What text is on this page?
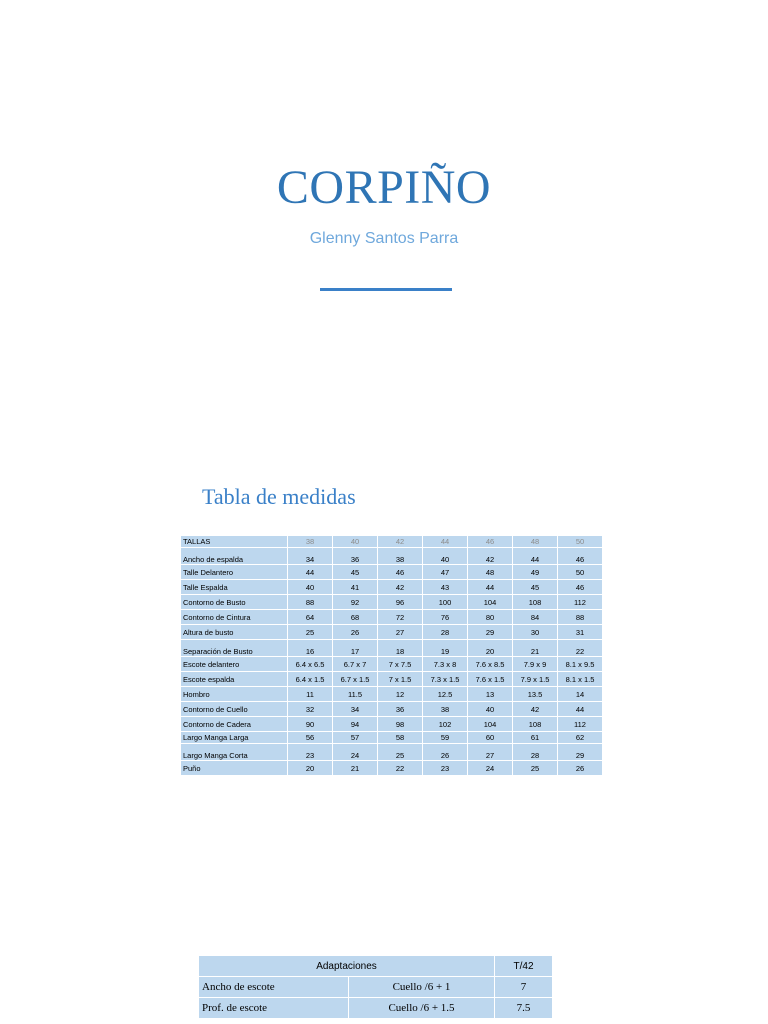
CORPIÑO
Glenny Santos Parra
Tabla de medidas
TALLAS	38	40	42	44	46	48	50
Ancho de espalda	34	36	38	40	42	44	46
Talle Delantero	44	45	46	47	48	49	50
Talle Espalda	40	41	42	43	44	45	46
Contorno de Busto	88	92	96	100	104	108	112
Contorno de Cintura	64	68	72	76	80	84	88
Altura de busto	25	26	27	28	29	30	31
Separación de Busto	16	17	18	19	20	21	22
Escote delantero	6.4 x 6.5	6.7 x 7	7 x 7.5	7.3 x 8	7.6 x 8.5	7.9 x 9	8.1 x 9.5
Escote espalda	6.4 x 1.5	6.7 x 1.5	7 x 1.5	7.3 x 1.5	7.6 x 1.5	7.9 x 1.5	8.1 x 1.5
Hombro	11	11.5	12	12.5	13	13.5	14
Contorno de Cuello	32	34	36	38	40	42	44
Contorno de Cadera	90	94	98	102	104	108	112
Largo Manga Larga	56	57	58	59	60	61	62
Largo Manga Corta	23	24	25	26	27	28	29
Puño	20	21	22	23	24	25	26
Adaptaciones		T/42
Ancho de escote	Cuello /6 + 1	7
Prof. de escote	Cuello /6 + 1.5	7.5
